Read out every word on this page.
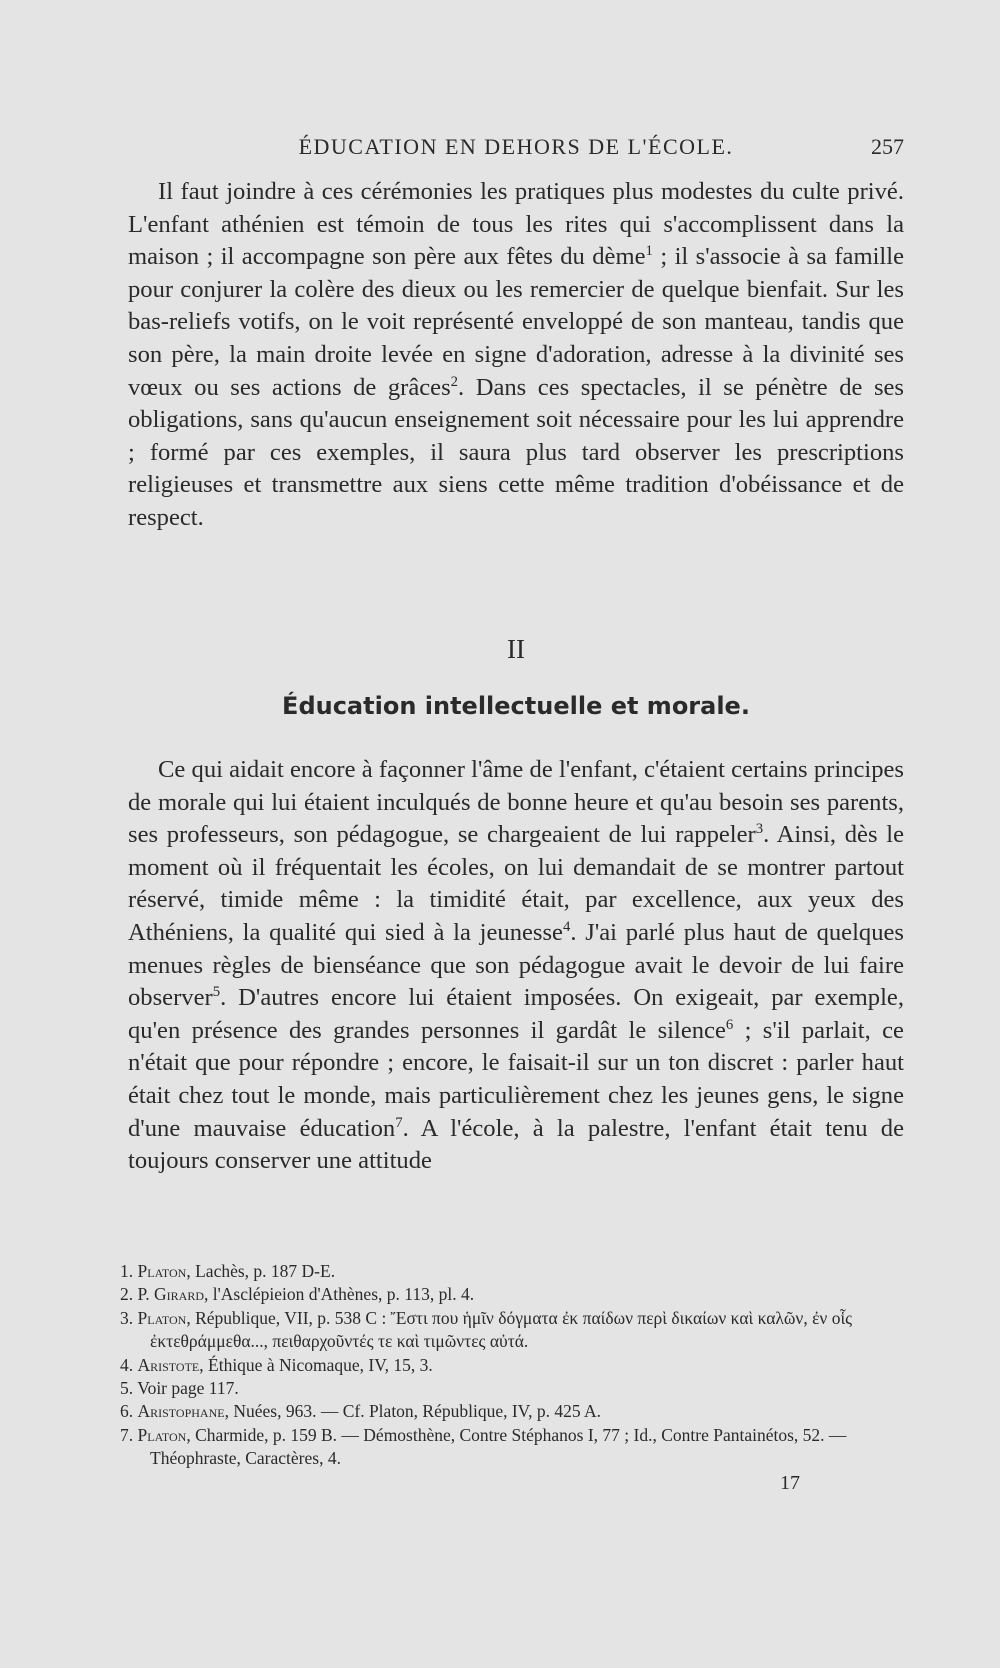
ÉDUCATION EN DEHORS DE L'ÉCOLE.	257

Il faut joindre à ces cérémonies les pratiques plus modestes du culte privé. L'enfant athénien est témoin de tous les rites qui s'accomplissent dans la maison ; il accompagne son père aux fêtes du dème$^1$ ; il s'associe à sa famille pour conjurer la colère des dieux ou les remercier de quelque bienfait. Sur les bas-reliefs votifs, on le voit représenté enveloppé de son manteau, tandis que son père, la main droite levée en signe d'adoration, adresse à la divinité ses vœux ou ses actions de grâces$^2$. Dans ces spectacles, il se pénètre de ses obligations, sans qu'aucun enseignement soit nécessaire pour les lui apprendre ; formé par ces exemples, il saura plus tard observer les prescriptions religieuses et transmettre aux siens cette même tradition d'obéissance et de respect.

II
Éducation intellectuelle et morale.

Ce qui aidait encore à façonner l'âme de l'enfant, c'étaient certains principes de morale qui lui étaient inculqués de bonne heure et qu'au besoin ses parents, ses professeurs, son pédagogue, se chargeaient de lui rappeler$^3$. Ainsi, dès le moment où il fréquentait les écoles, on lui demandait de se montrer partout réservé, timide même : la timidité était, par excellence, aux yeux des Athéniens, la qualité qui sied à la jeunesse$^4$. J'ai parlé plus haut de quelques menues règles de bienséance que son pédagogue avait le devoir de lui faire observer$^5$. D'autres encore lui étaient imposées. On exigeait, par exemple, qu'en présence des grandes personnes il gardât le silence$^6$ ; s'il parlait, ce n'était que pour répondre ; encore, le faisait-il sur un ton discret : parler haut était chez tout le monde, mais particulièrement chez les jeunes gens, le signe d'une mauvaise éducation$^7$. A l'école, à la palestre, l'enfant était tenu de toujours conserver une attitude

1. Platon, Lachès, p. 187 D-E.

2. P. Girard, l'Asclépieion d'Athènes, p. 113, pl. 4.

3. Platon, République, VII, p. 538 C : Ἔστι που ἡμῖν δόγματα ἐκ παίδων περὶ δικαίων καὶ καλῶν, ἐν οἷς ἐκτεθράμμεθα..., πειθαρχοῦντές τε καὶ τιμῶντες αὐτά.

4. Aristote, Éthique à Nicomaque, IV, 15, 3.

5. Voir page 117.

6. Aristophane, Nuées, 963. — Cf. Platon, République, IV, p. 425 A.

7. Platon, Charmide, p. 159 B. — Démosthène, Contre Stéphanos I, 77 ; Id., Contre Pantainétos, 52. — Théophraste, Caractères, 4.

17
